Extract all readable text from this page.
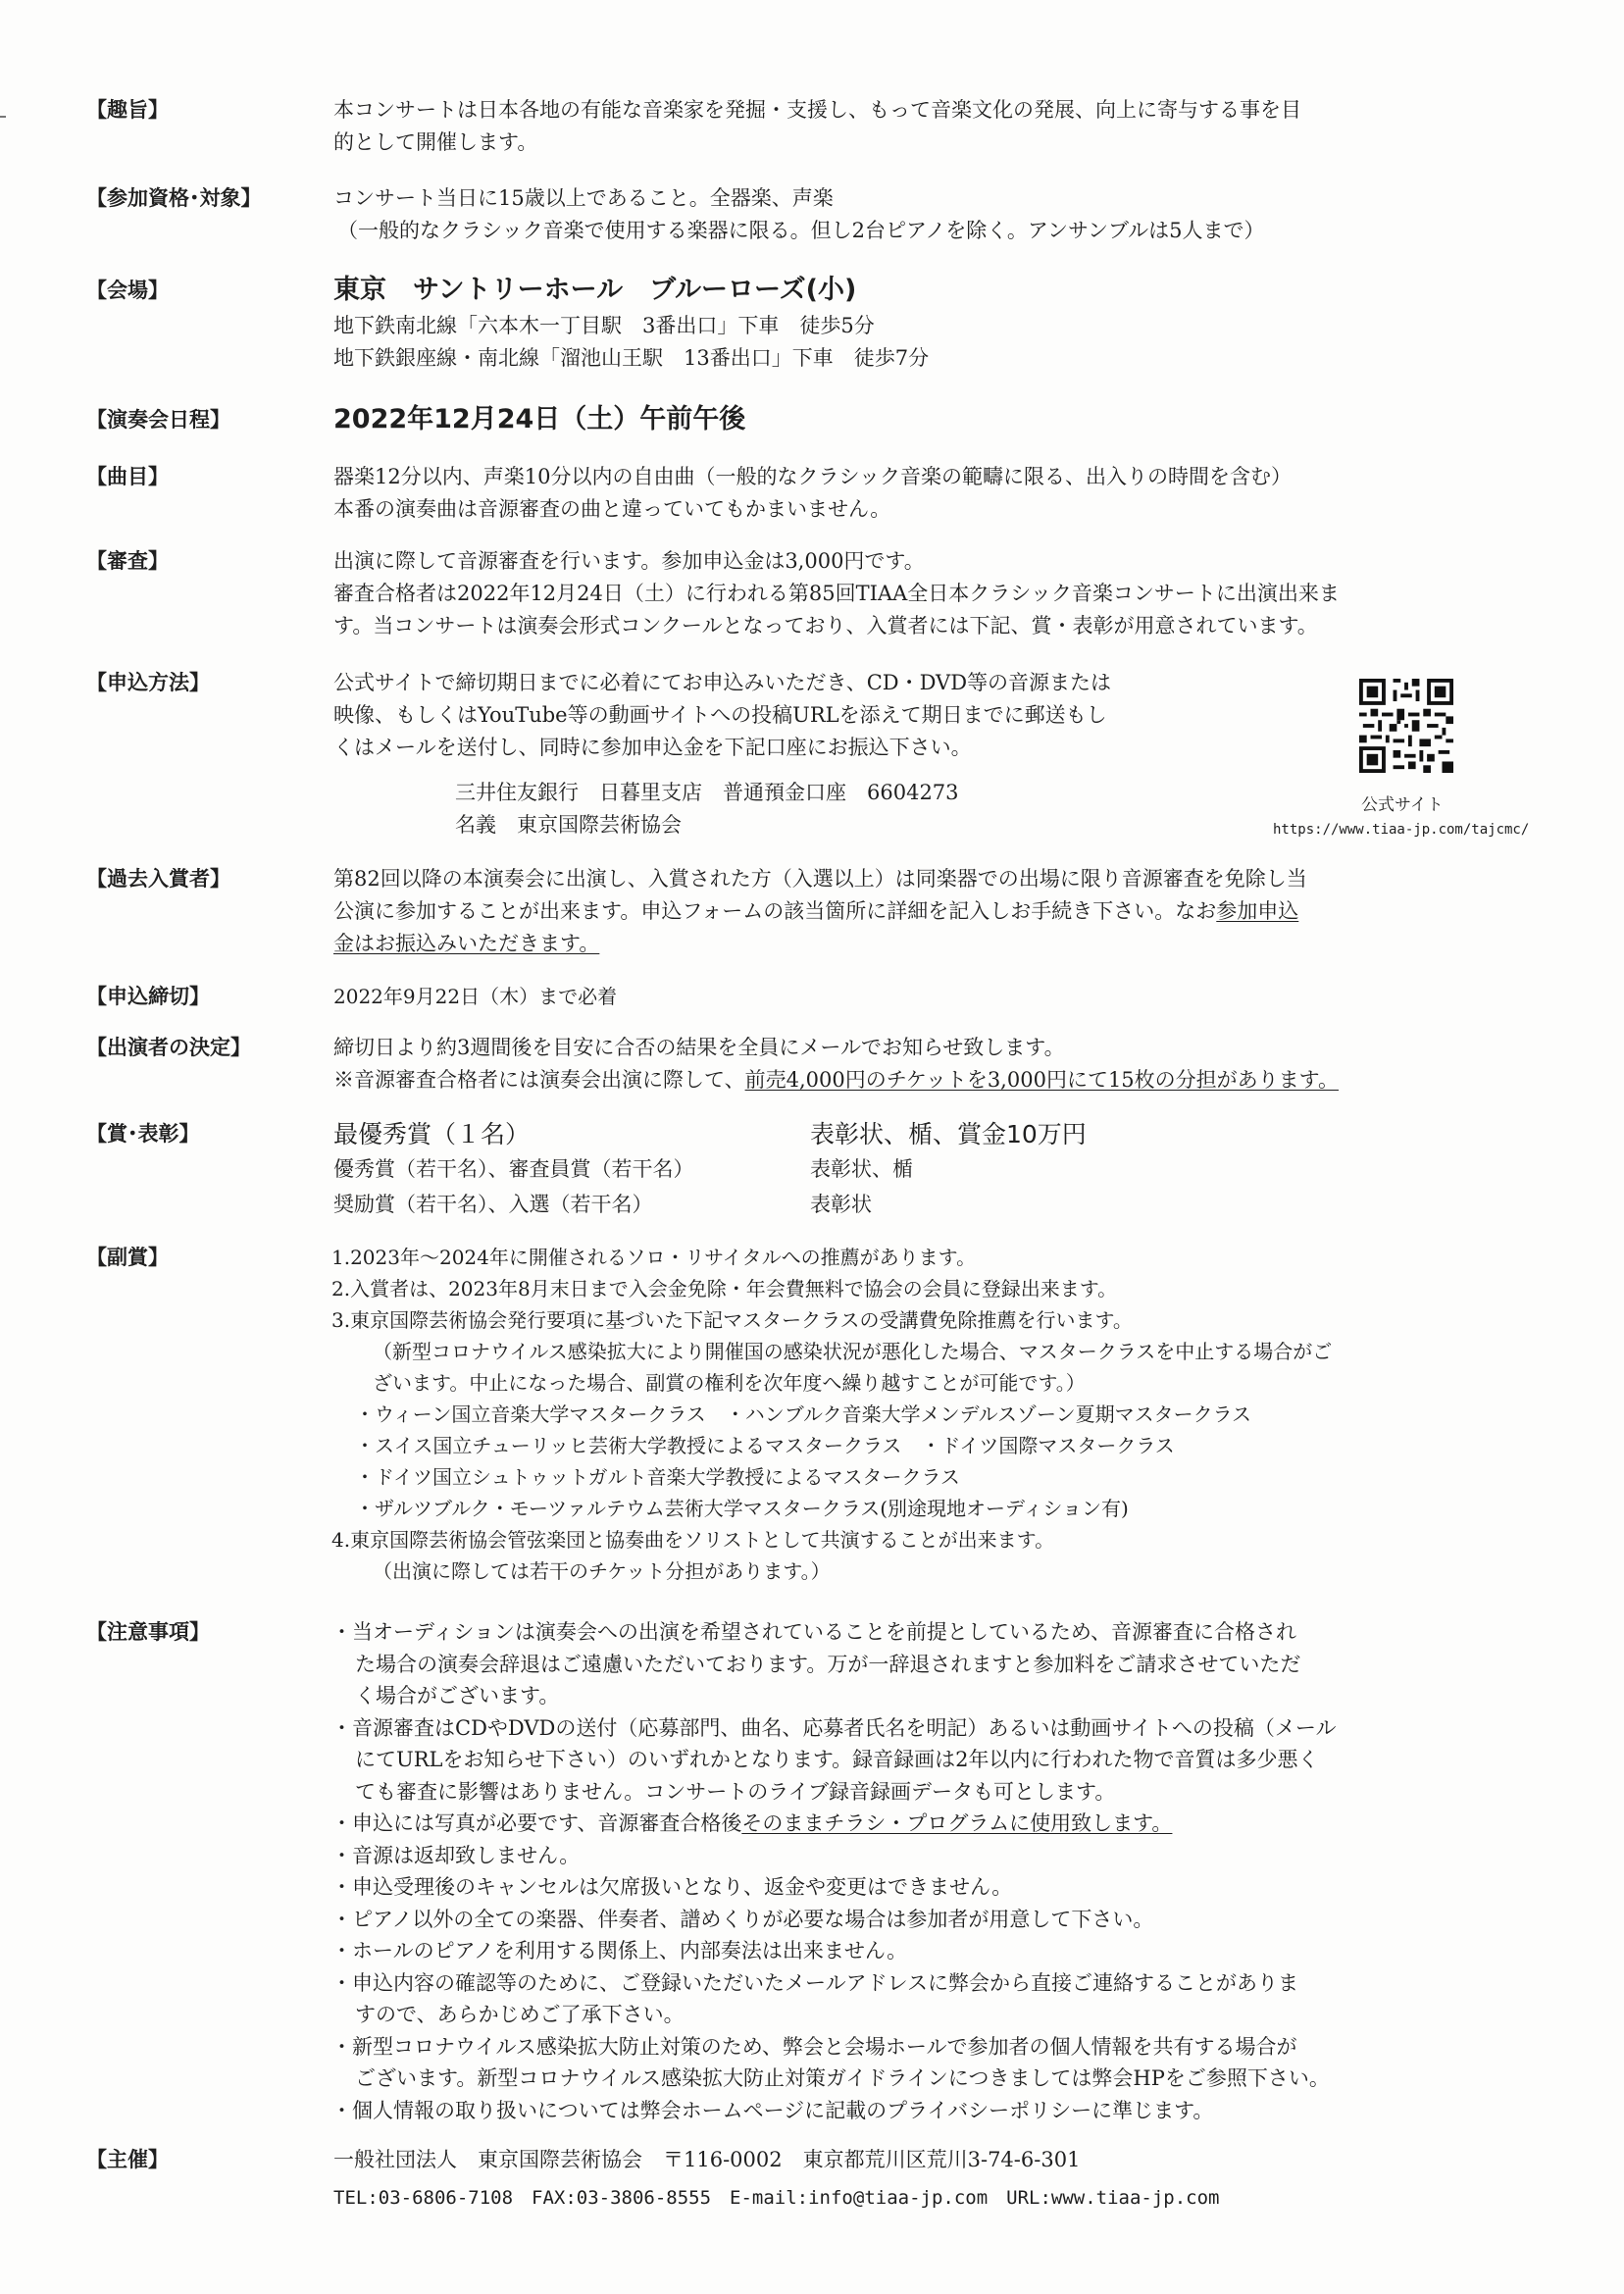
【趣旨】	本コンサートは日本各地の有能な音楽家を発掘・支援し、もって音楽文化の発展、向上に寄与する事を目
的として開催します。
【参加資格･対象】	コンサート当日に15歳以上であること。全器楽、声楽
（一般的なクラシック音楽で使用する楽器に限る。但し2台ピアノを除く。アンサンブルは5人まで）
【会場】	東京　サントリーホール　ブルーローズ(小)
地下鉄南北線「六本木一丁目駅　3番出口」下車　徒歩5分
地下鉄銀座線・南北線「溜池山王駅　13番出口」下車　徒歩7分
【演奏会日程】	2022年12月24日（土）午前午後
【曲目】	器楽12分以内、声楽10分以内の自由曲（一般的なクラシック音楽の範疇に限る、出入りの時間を含む）
本番の演奏曲は音源審査の曲と違っていてもかまいません。
【審査】	出演に際して音源審査を行います。参加申込金は3,000円です。
審査合格者は2022年12月24日（土）に行われる第85回TIAA全日本クラシック音楽コンサートに出演出来ま
す。当コンサートは演奏会形式コンクールとなっており、入賞者には下記、賞・表彰が用意されています。
【申込方法】	公式サイトで締切期日までに必着にてお申込みいただき、CD・DVD等の音源または
映像、もしくはYouTube等の動画サイトへの投稿URLを添えて期日までに郵送もし
くはメールを送付し、同時に参加申込金を下記口座にお振込下さい。
三井住友銀行　日暮里支店　普通預金口座　6604273
名義　東京国際芸術協会
公式サイト
https://www.tiaa-jp.com/tajcmc/
【過去入賞者】	第82回以降の本演奏会に出演し、入賞された方（入選以上）は同楽器での出場に限り音源審査を免除し当
公演に参加することが出来ます。申込フォームの該当箇所に詳細を記入しお手続き下さい。なお参加申込
金はお振込みいただきます。
【申込締切】	2022年9月22日（木）まで必着
【出演者の決定】	締切日より約3週間後を目安に合否の結果を全員にメールでお知らせ致します。
※音源審査合格者には演奏会出演に際して、前売4,000円のチケットを3,000円にて15枚の分担があります。
【賞･表彰】	最優秀賞（１名）	表彰状、楯、賞金10万円
優秀賞（若干名）、審査員賞（若干名）	表彰状、楯
奨励賞（若干名）、入選（若干名）	表彰状
【副賞】	1.2023年～2024年に開催されるソロ・リサイタルへの推薦があります。
2.入賞者は、2023年8月末日まで入会金免除・年会費無料で協会の会員に登録出来ます。
3.東京国際芸術協会発行要項に基づいた下記マスタークラスの受講費免除推薦を行います。
（新型コロナウイルス感染拡大により開催国の感染状況が悪化した場合、マスタークラスを中止する場合がご
ざいます。中止になった場合、副賞の権利を次年度へ繰り越すことが可能です。）
・ウィーン国立音楽大学マスタークラス　・ハンブルク音楽大学メンデルスゾーン夏期マスタークラス
・スイス国立チューリッヒ芸術大学教授によるマスタークラス　・ドイツ国際マスタークラス
・ドイツ国立シュトゥットガルト音楽大学教授によるマスタークラス
・ザルツブルク・モーツァルテウム芸術大学マスタークラス(別途現地オーディション有)
4.東京国際芸術協会管弦楽団と協奏曲をソリストとして共演することが出来ます。
（出演に際しては若干のチケット分担があります。）
【注意事項】	・当オーディションは演奏会への出演を希望されていることを前提としているため、音源審査に合格され
た場合の演奏会辞退はご遠慮いただいております。万が一辞退されますと参加料をご請求させていただ
く場合がございます。
・音源審査はCDやDVDの送付（応募部門、曲名、応募者氏名を明記）あるいは動画サイトへの投稿（メール
にてURLをお知らせ下さい）のいずれかとなります。録音録画は2年以内に行われた物で音質は多少悪く
ても審査に影響はありません。コンサートのライブ録音録画データも可とします。
・申込には写真が必要です、音源審査合格後そのままチラシ・プログラムに使用致します。
・音源は返却致しません。
・申込受理後のキャンセルは欠席扱いとなり、返金や変更はできません。
・ピアノ以外の全ての楽器、伴奏者、譜めくりが必要な場合は参加者が用意して下さい。
・ホールのピアノを利用する関係上、内部奏法は出来ません。
・申込内容の確認等のために、ご登録いただいたメールアドレスに弊会から直接ご連絡することがありま
すので、あらかじめご了承下さい。
・新型コロナウイルス感染拡大防止対策のため、弊会と会場ホールで参加者の個人情報を共有する場合が
ございます。新型コロナウイルス感染拡大防止対策ガイドラインにつきましては弊会HPをご参照下さい。
・個人情報の取り扱いについては弊会ホームページに記載のプライバシーポリシーに準じます。
【主催】	一般社団法人　東京国際芸術協会　〒116-0002　東京都荒川区荒川3-74-6-301
TEL:03-6806-7108　FAX:03-3806-8555　E-mail:info@tiaa-jp.com　URL:www.tiaa-jp.com
